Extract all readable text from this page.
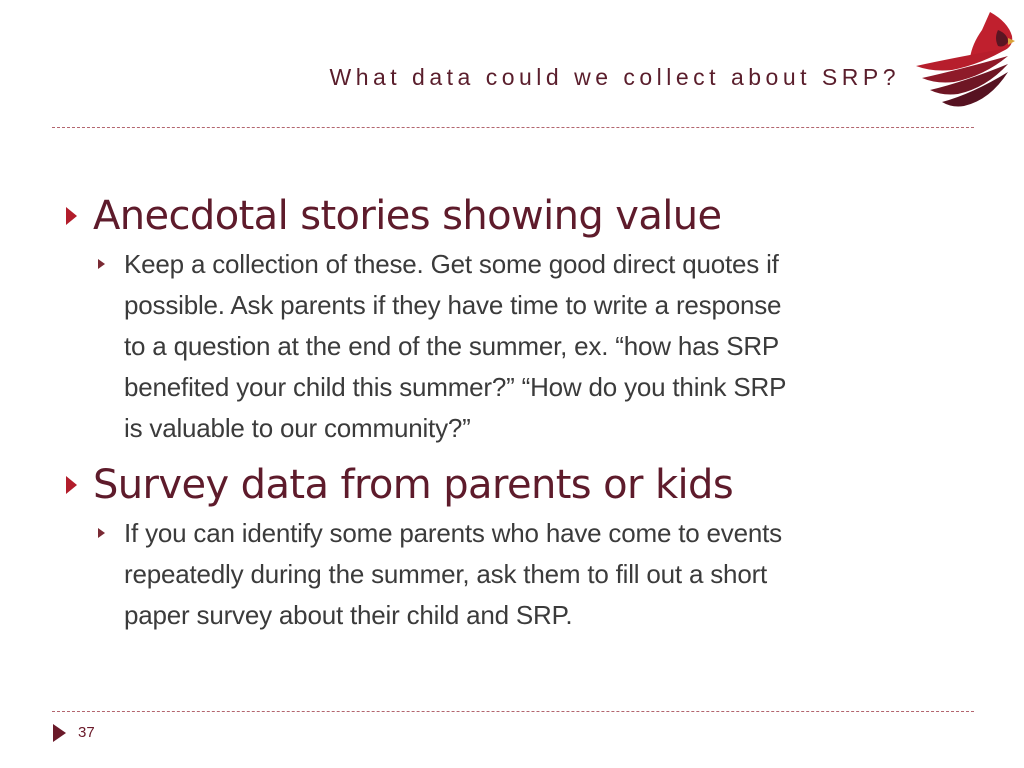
What data could we collect about SRP?
Anecdotal stories showing value
Keep a collection of these. Get some good direct quotes if
possible. Ask parents if they have time to write a response
to a question at the end of the summer, ex. “how has SRP
benefited your child this summer?” “How do you think SRP
is valuable to our community?”
Survey data from parents or kids
If you can identify some parents who have come to events
repeatedly during the summer, ask them to fill out a short
paper survey about their child and SRP.
37
